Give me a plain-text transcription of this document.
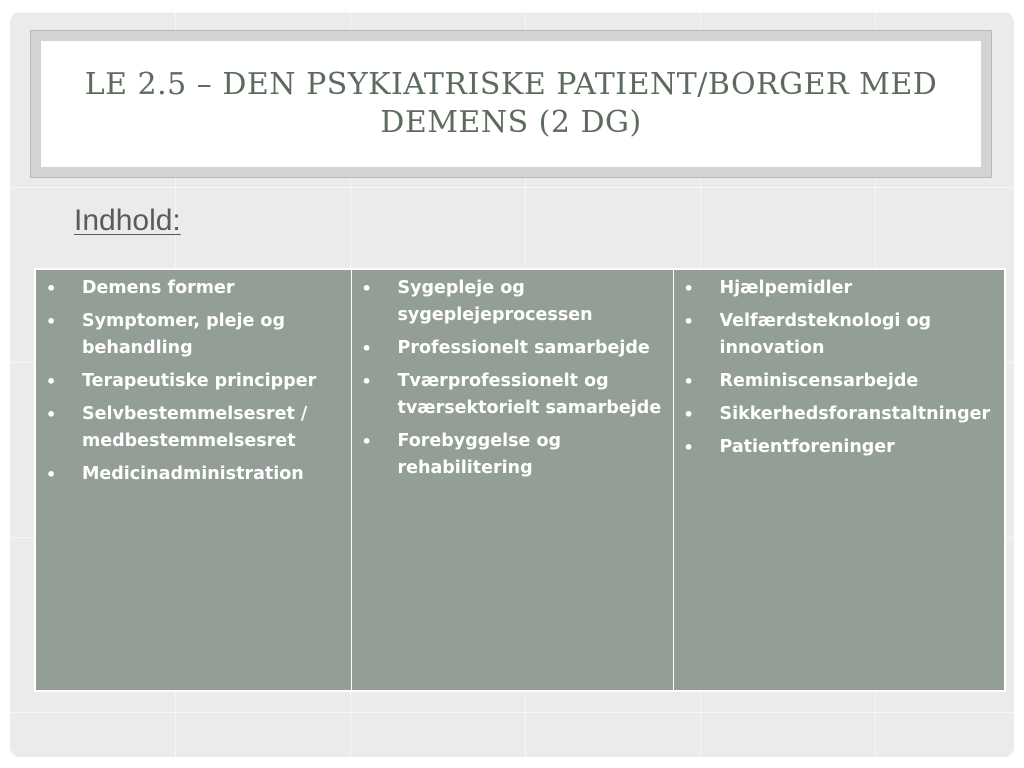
LE 2.5 – DEN PSYKIATRISKE PATIENT/BORGER MED DEMENS (2 DG)

Indhold:

• Demens former
• Symptomer, pleje og behandling
• Terapeutiske principper
• Selvbestemmelsesret / medbestemmelsesret
• Medicinadministration

• Sygepleje og sygeplejeprocessen
• Professionelt samarbejde
• Tværprofessionelt og tværsektorielt samarbejde
• Forebyggelse og rehabilitering

• Hjælpemidler
• Velfærdsteknologi og innovation
• Reminiscensarbejde
• Sikkerhedsforanstaltninger
• Patientforeninger
